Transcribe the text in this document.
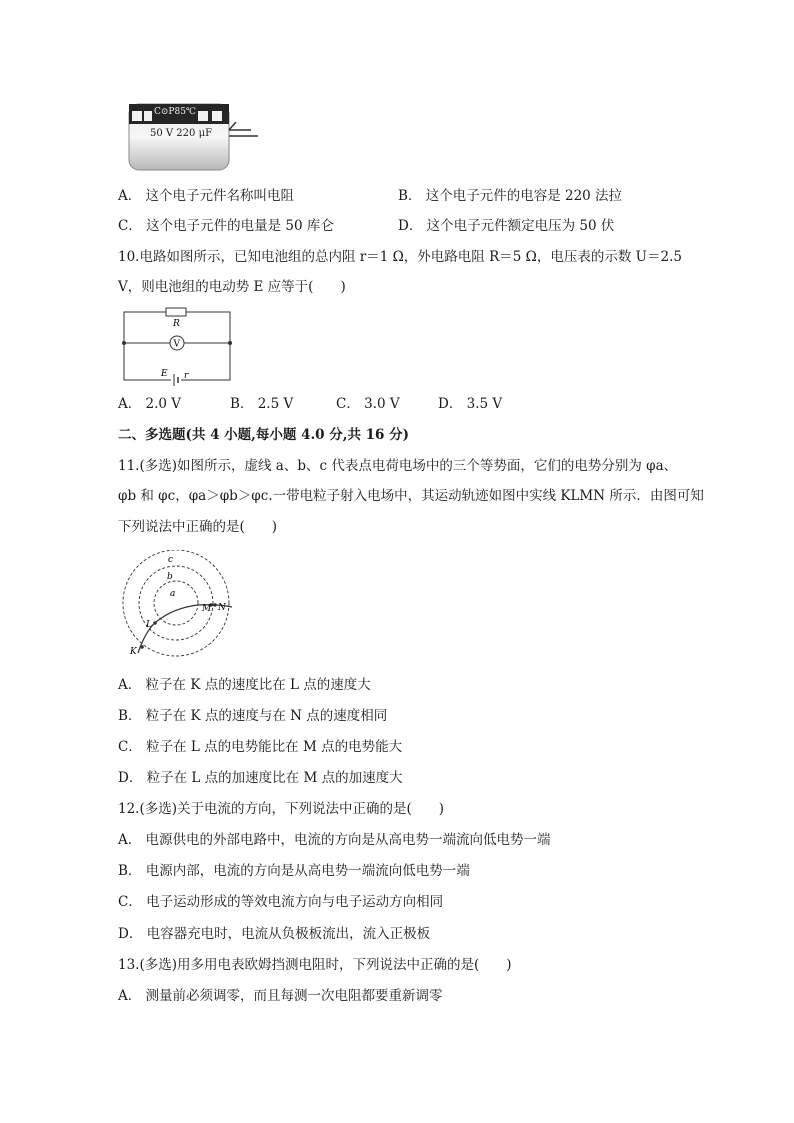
C⊙P85℃
50 V 220 μF
A． 这个电子元件名称叫电阻	B． 这个电子元件的电容是 220 法拉
C． 这个电子元件的电量是 50 库仑	D． 这个电子元件额定电压为 50 伏
10.电路如图所示，已知电池组的总内阻 r＝1 Ω，外电路电阻 R＝5 Ω，电压表的示数 U＝2.5
V，则电池组的电动势 E 应等于(　　)
R
V
E r
A． 2.0 V	B． 2.5 V	C． 3.0 V	D． 3.5 V
二、多选题(共 4 小题,每小题 4.0 分,共 16 分)
11.(多选)如图所示，虚线 a、b、c 代表点电荷电场中的三个等势面，它们的电势分别为 φa、
φb 和 φc，φa＞φb＞φc.一带电粒子射入电场中，其运动轨迹如图中实线 KLMN 所示．由图可知
下列说法中正确的是(　　)
c
b
a
K
L
M N
A． 粒子在 K 点的速度比在 L 点的速度大
B． 粒子在 K 点的速度与在 N 点的速度相同
C． 粒子在 L 点的电势能比在 M 点的电势能大
D． 粒子在 L 点的加速度比在 M 点的加速度大
12.(多选)关于电流的方向，下列说法中正确的是(　　)
A． 电源供电的外部电路中，电流的方向是从高电势一端流向低电势一端
B． 电源内部，电流的方向是从高电势一端流向低电势一端
C． 电子运动形成的等效电流方向与电子运动方向相同
D． 电容器充电时，电流从负极板流出，流入正极板
13.(多选)用多用电表欧姆挡测电阻时，下列说法中正确的是(　　)
A． 测量前必须调零，而且每测一次电阻都要重新调零
